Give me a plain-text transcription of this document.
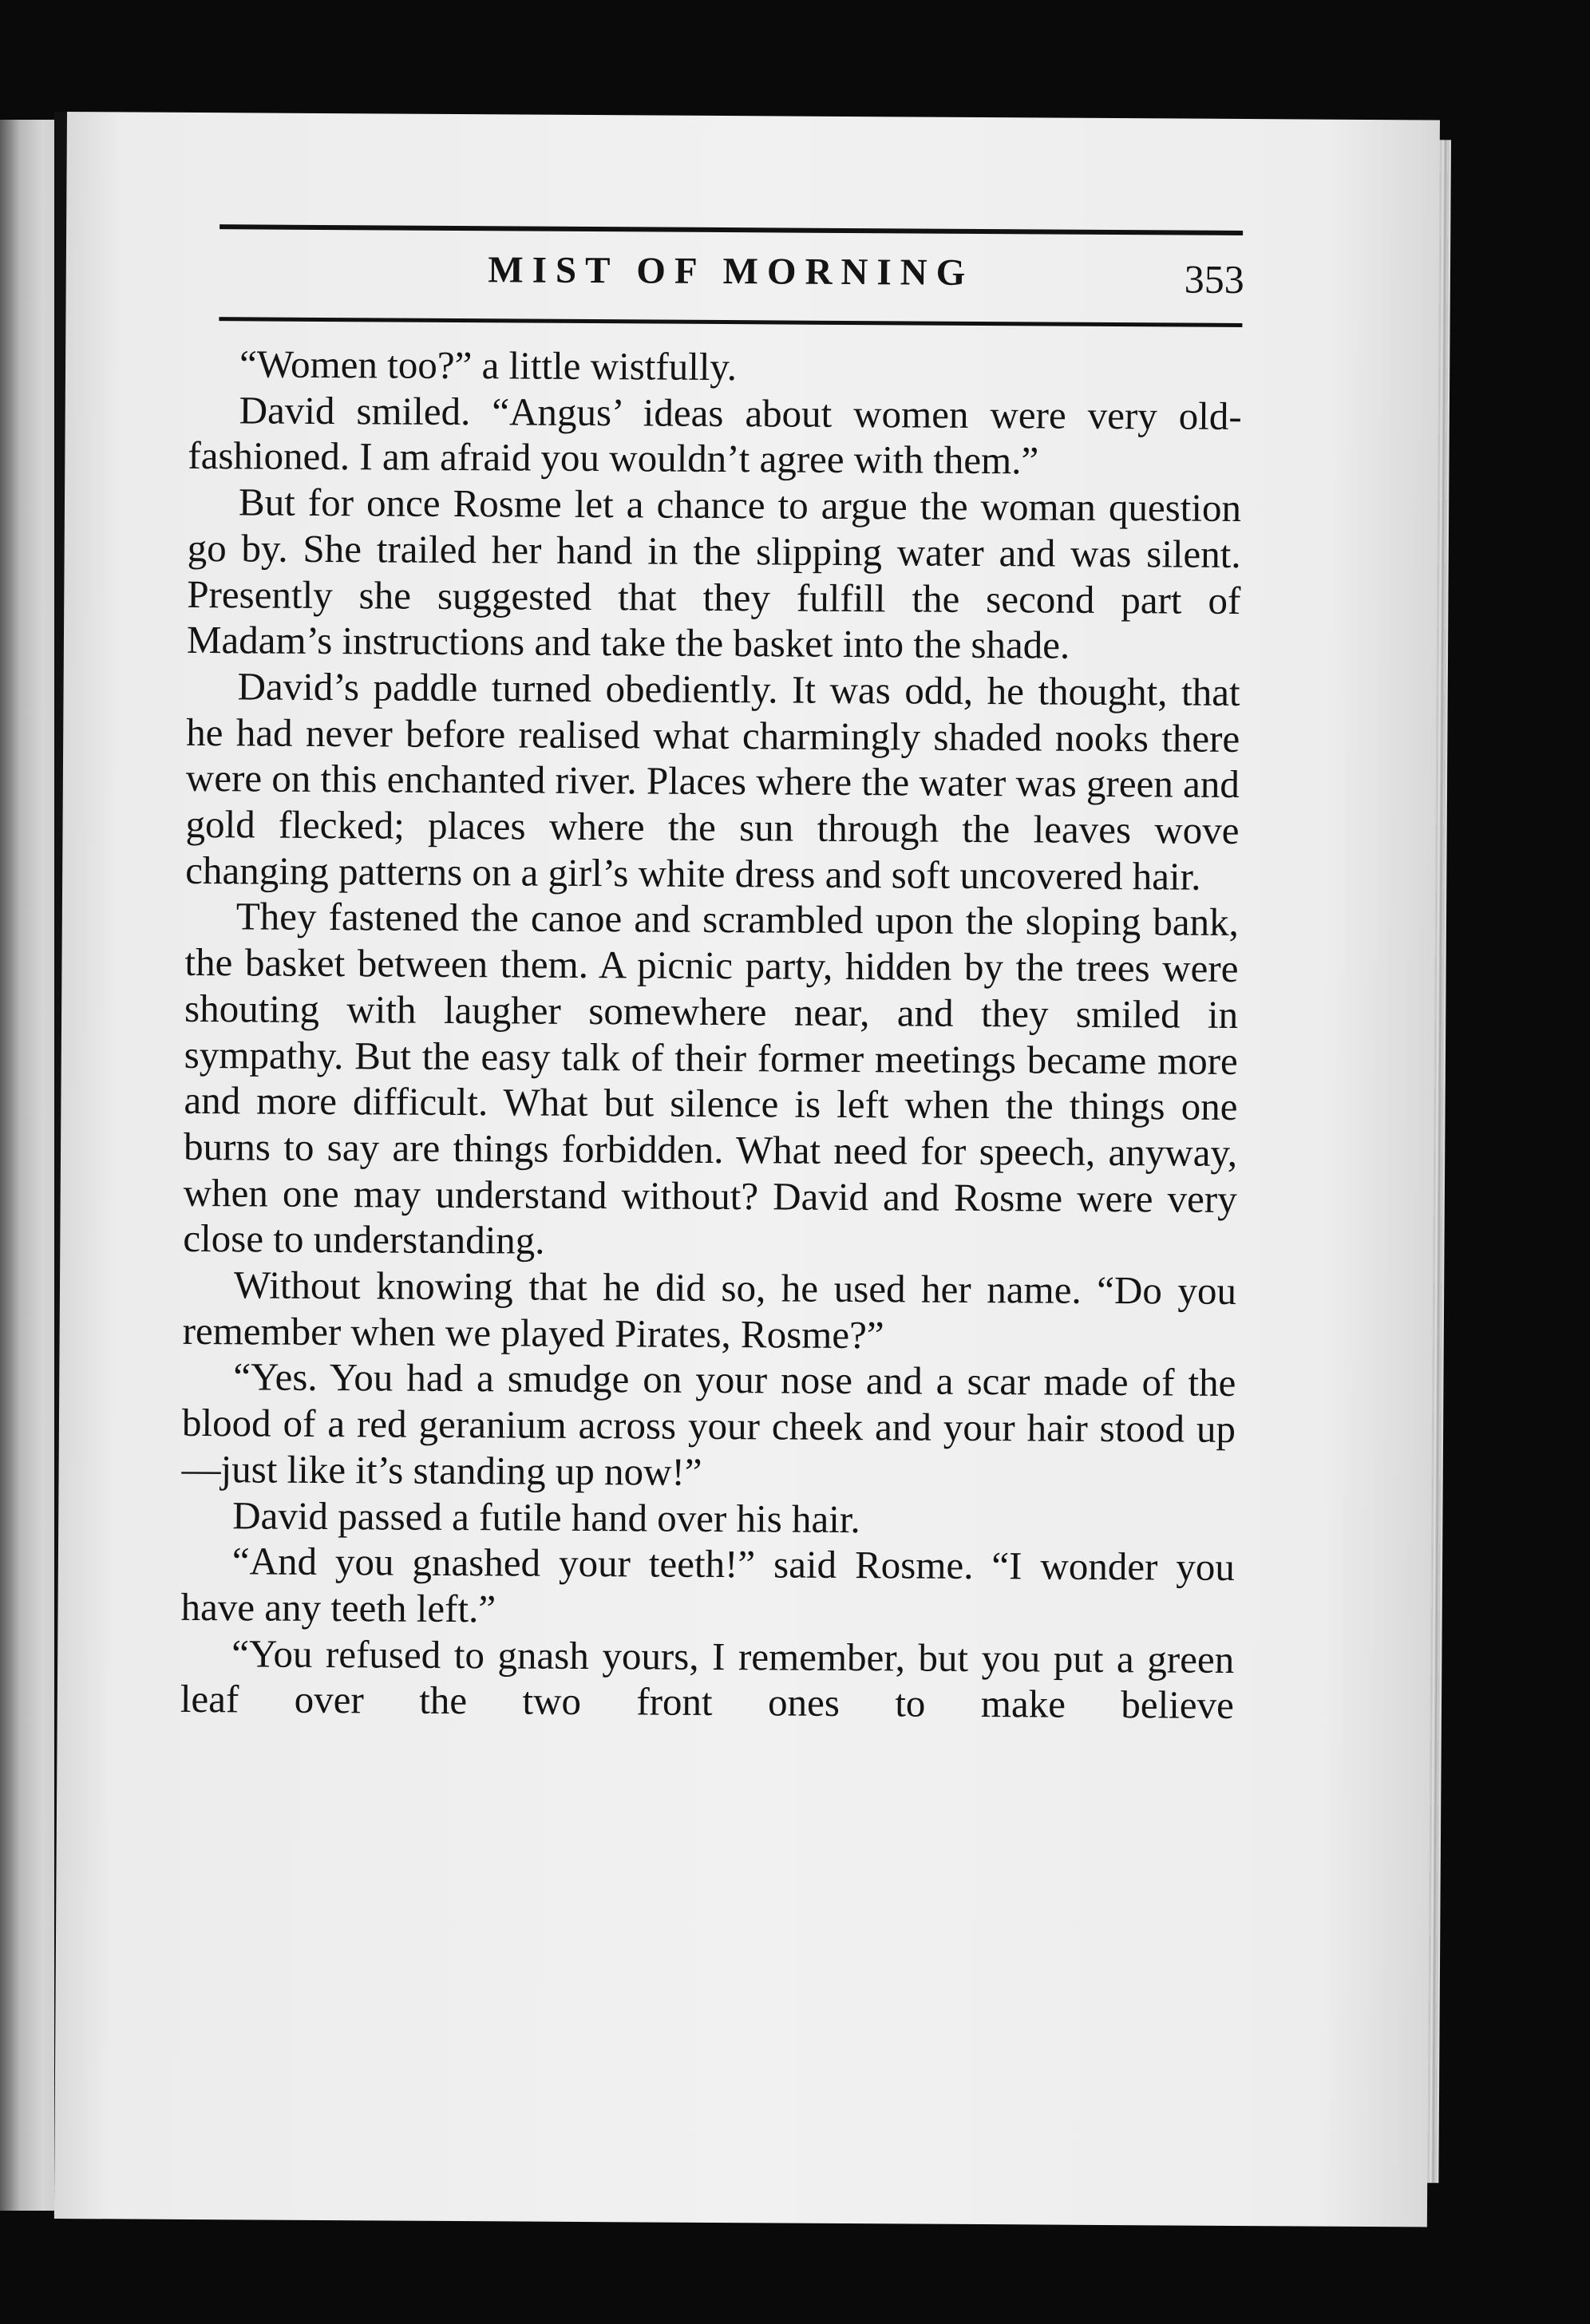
MIST OF MORNING	353

“Women too?” a little wistfully.

David smiled. “Angus’ ideas about women were very old-fashioned. I am afraid you wouldn’t agree with them.”

But for once Rosme let a chance to argue the woman question go by. She trailed her hand in the slipping water and was silent. Presently she suggested that they fulfill the second part of Madam’s instructions and take the basket into the shade.

David’s paddle turned obediently. It was odd, he thought, that he had never before realised what charmingly shaded nooks there were on this enchanted river. Places where the water was green and gold flecked; places where the sun through the leaves wove changing patterns on a girl’s white dress and soft uncovered hair.

They fastened the canoe and scrambled upon the sloping bank, the basket between them. A picnic party, hidden by the trees were shouting with laugher somewhere near, and they smiled in sympathy. But the easy talk of their former meetings became more and more difficult. What but silence is left when the things one burns to say are things forbidden. What need for speech, anyway, when one may understand without? David and Rosme were very close to understanding.

Without knowing that he did so, he used her name. “Do you remember when we played Pirates, Rosme?”

“Yes. You had a smudge on your nose and a scar made of the blood of a red geranium across your cheek and your hair stood up—just like it’s standing up now!”

David passed a futile hand over his hair.

“And you gnashed your teeth!” said Rosme. “I wonder you have any teeth left.”

“You refused to gnash yours, I remember, but you put a green leaf over the two front ones to make believe
